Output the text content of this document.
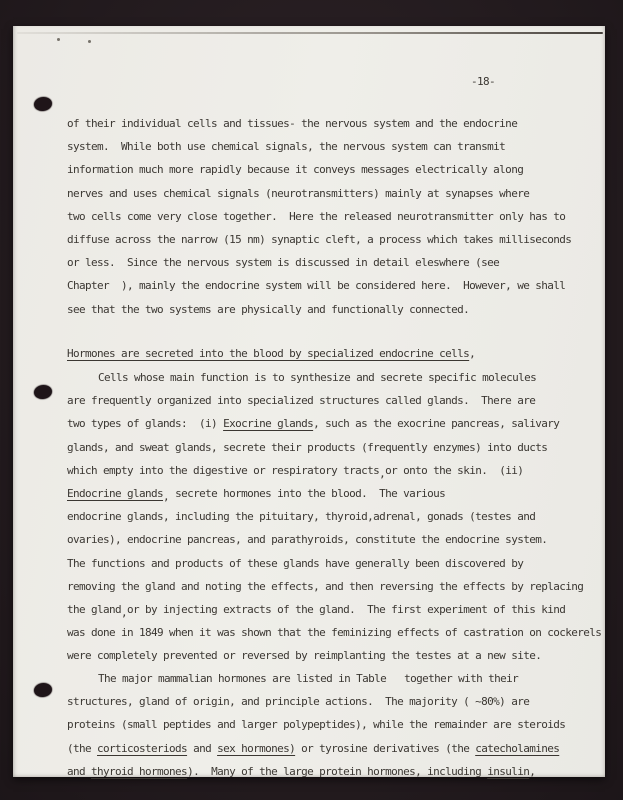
-18-
of their individual cells and tissues- the nervous system and the endocrine
system.  While both use chemical signals, the nervous system can transmit
information much more rapidly because it conveys messages electrically along
nerves and uses chemical signals (neurotransmitters) mainly at synapses where
two cells come very close together.  Here the released neurotransmitter only has to
diffuse across the narrow (15 nm) synaptic cleft, a process which takes milliseconds
or less.  Since the nervous system is discussed in detail eleswhere (see
Chapter  ), mainly the endocrine system will be considered here.  However, we shall
see that the two systems are physically and functionally connected.
Hormones are secreted into the blood by specialized endocrine cells,
Cells whose main function is to synthesize and secrete specific molecules
are frequently organized into specialized structures called glands.  There are
two types of glands:  (i) Exocrine glands, such as the exocrine pancreas, salivary
glands, and sweat glands, secrete their products (frequently enzymes) into ducts
which empty into the digestive or respiratory tracts,or onto the skin.  (ii)
Endocrine glands, secrete hormones into the blood.  The various
endocrine glands, including the pituitary, thyroid,adrenal, gonads (testes and
ovaries), endocrine pancreas, and parathyroids, constitute the endocrine system.
The functions and products of these glands have generally been discovered by
removing the gland and noting the effects, and then reversing the effects by replacing
the gland,or by injecting extracts of the gland.  The first experiment of this kind
was done in 1849 when it was shown that the feminizing effects of castration on cockerels
were completely prevented or reversed by reimplanting the testes at a new site.
The major mammalian hormones are listed in Table   together with their
structures, gland of origin, and principle actions.  The majority ( ~80%) are
proteins (small peptides and larger polypeptides), while the remainder are steroids
(the corticosteriods and sex hormones) or tyrosine derivatives (the catecholamines
and thyroid hormones).  Many of the large protein hormones, including insulin,
